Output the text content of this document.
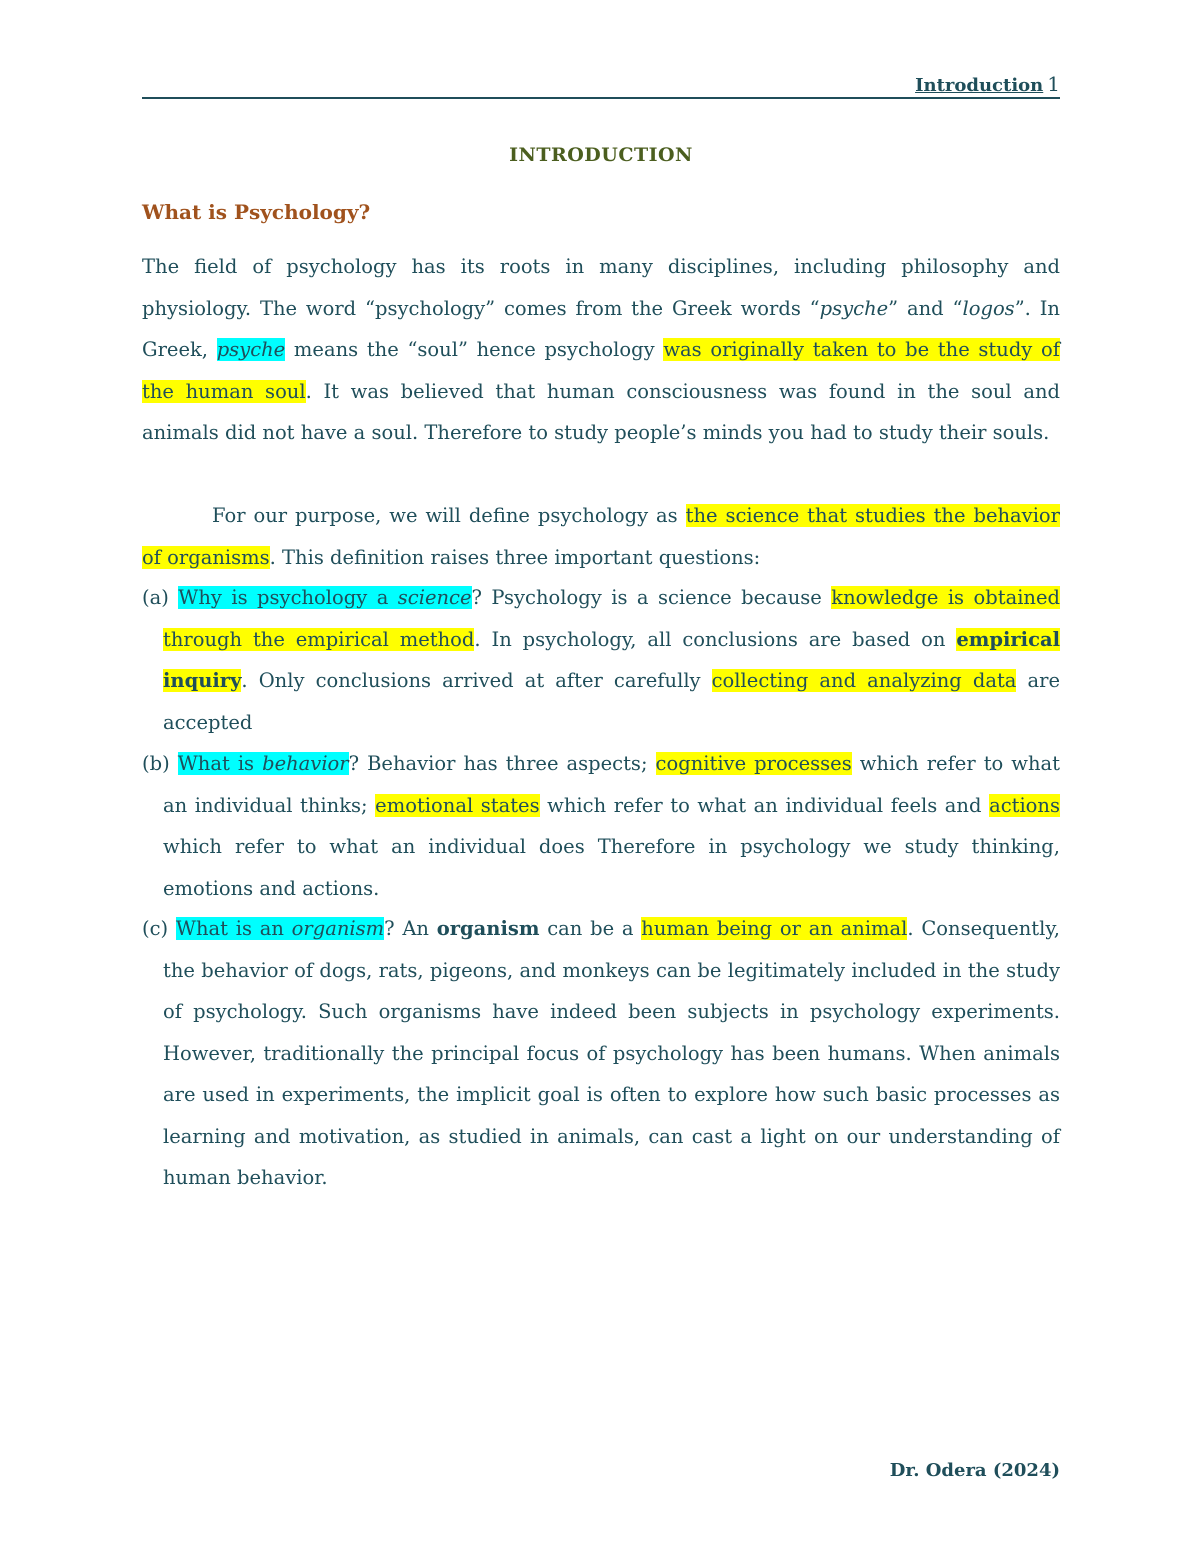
Introduction 1
INTRODUCTION
What is Psychology?

The field of psychology has its roots in many disciplines, including philosophy and physiology. The word “psychology” comes from the Greek words “psyche” and “logos”. In Greek, psyche means the “soul” hence psychology was originally taken to be the study of the human soul. It was believed that human consciousness was found in the soul and animals did not have a soul. Therefore to study people’s minds you had to study their souls.

For our purpose, we will define psychology as the science that studies the behavior of organisms. This definition raises three important questions:

(a) Why is psychology a science? Psychology is a science because knowledge is obtained through the empirical method. In psychology, all conclusions are based on empirical inquiry. Only conclusions arrived at after carefully collecting and analyzing data are accepted

(b) What is behavior? Behavior has three aspects; cognitive processes which refer to what an individual thinks; emotional states which refer to what an individual feels and actions which refer to what an individual does Therefore in psychology we study thinking, emotions and actions.

(c) What is an organism? An organism can be a human being or an animal. Consequently, the behavior of dogs, rats, pigeons, and monkeys can be legitimately included in the study of psychology. Such organisms have indeed been subjects in psychology experiments. However, traditionally the principal focus of psychology has been humans. When animals are used in experiments, the implicit goal is often to explore how such basic processes as learning and motivation, as studied in animals, can cast a light on our understanding of human behavior.

Dr. Odera (2024)
